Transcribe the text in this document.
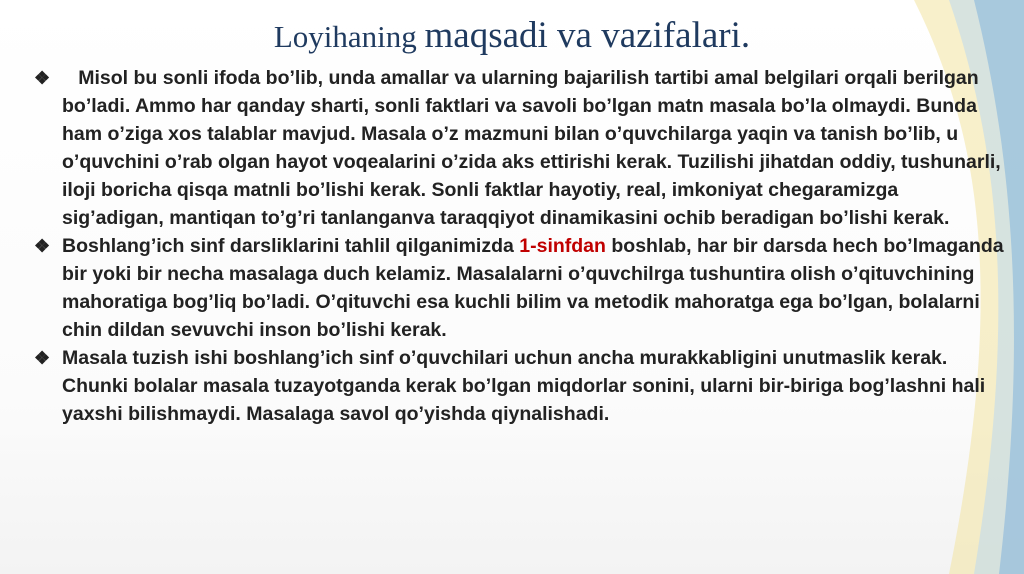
Loyihaning maqsadi va vazifalari.
❖ Misol bu sonli ifoda bo’lib, unda amallar va ularning bajarilish tartibi amal belgilari orqali berilgan bo’ladi. Ammo har qanday sharti, sonli faktlari va savoli bo’lgan matn masala bo’la olmaydi. Bunda ham o’ziga xos talablar mavjud. Masala o’z mazmuni bilan o’quvchilarga yaqin va tanish bo’lib, u o’quvchini o’rab olgan hayot voqealarini o’zida aks ettirishi kerak. Tuzilishi jihatdan oddiy, tushunarli, iloji boricha qisqa matnli bo’lishi kerak. Sonli faktlar hayotiy, real, imkoniyat chegaramizga sig’adigan, mantiqan to’g’ri tanlanganva taraqqiyot dinamikasini ochib beradigan bo’lishi kerak.
❖ Boshlang’ich sinf darsliklarini tahlil qilganimizda 1-sinfdan boshlab, har bir darsda hech bo’lmaganda bir yoki bir necha masalaga duch kelamiz. Masalalarni o’quvchilrga tushuntira olish o’qituvchining mahoratiga bog’liq bo’ladi. O’qituvchi esa kuchli bilim va metodik mahoratga ega bo’lgan, bolalarni chin dildan sevuvchi inson bo’lishi kerak.
❖ Masala tuzish ishi boshlang’ich sinf o’quvchilari uchun ancha murakkabligini unutmaslik kerak. Chunki bolalar masala tuzayotganda kerak bo’lgan miqdorlar sonini, ularni bir-biriga bog’lashni hali yaxshi bilishmaydi. Masalaga savol qo’yishda qiynalishadi.
